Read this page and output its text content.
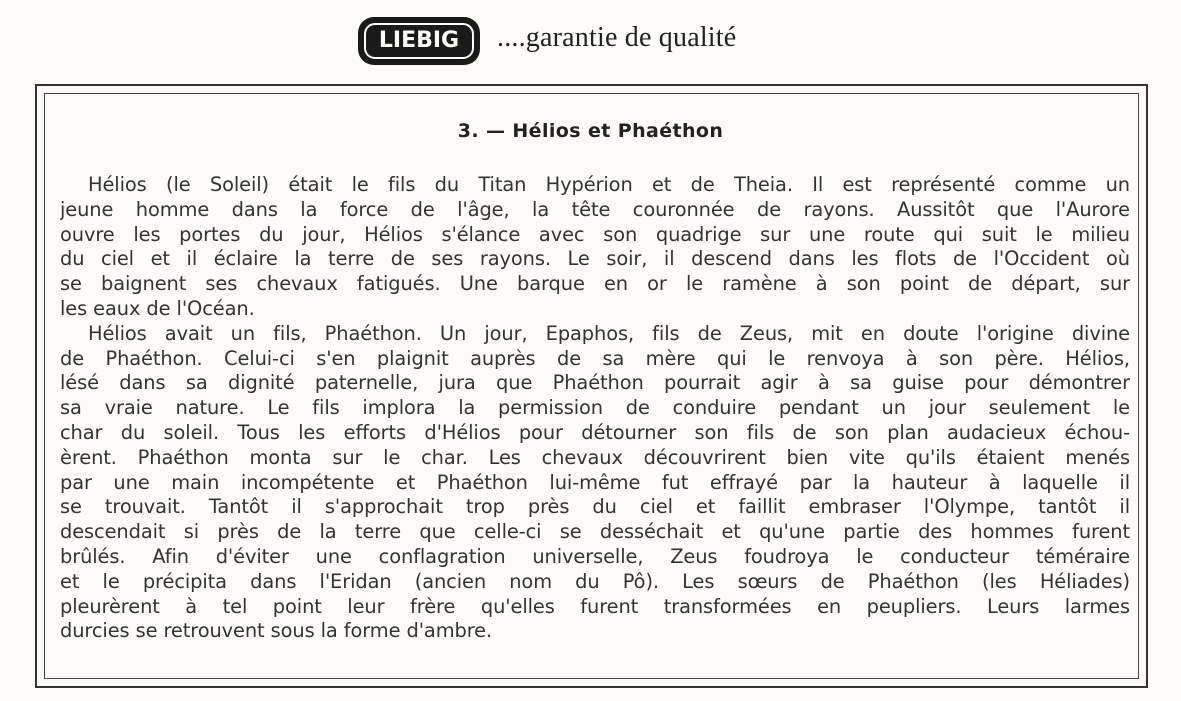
LIEBIG ....garantie de qualité
3. — Hélios et Phaéthon
Hélios (le Soleil) était le fils du Titan Hypérion et de Theia. Il est représenté comme un
jeune homme dans la force de l'âge, la tête couronnée de rayons. Aussitôt que l'Aurore
ouvre les portes du jour, Hélios s'élance avec son quadrige sur une route qui suit le milieu
du ciel et il éclaire la terre de ses rayons. Le soir, il descend dans les flots de l'Occident où
se baignent ses chevaux fatigués. Une barque en or le ramène à son point de départ, sur
les eaux de l'Océan.
Hélios avait un fils, Phaéthon. Un jour, Epaphos, fils de Zeus, mit en doute l'origine divine
de Phaéthon. Celui-ci s'en plaignit auprès de sa mère qui le renvoya à son père. Hélios,
lésé dans sa dignité paternelle, jura que Phaéthon pourrait agir à sa guise pour démontrer
sa vraie nature. Le fils implora la permission de conduire pendant un jour seulement le
char du soleil. Tous les efforts d'Hélios pour détourner son fils de son plan audacieux échou-
èrent. Phaéthon monta sur le char. Les chevaux découvrirent bien vite qu'ils étaient menés
par une main incompétente et Phaéthon lui-même fut effrayé par la hauteur à laquelle il
se trouvait. Tantôt il s'approchait trop près du ciel et faillit embraser l'Olympe, tantôt il
descendait si près de la terre que celle-ci se desséchait et qu'une partie des hommes furent
brûlés. Afin d'éviter une conflagration universelle, Zeus foudroya le conducteur téméraire
et le précipita dans l'Eridan (ancien nom du Pô). Les sœurs de Phaéthon (les Héliades)
pleurèrent à tel point leur frère qu'elles furent transformées en peupliers. Leurs larmes
durcies se retrouvent sous la forme d'ambre.
